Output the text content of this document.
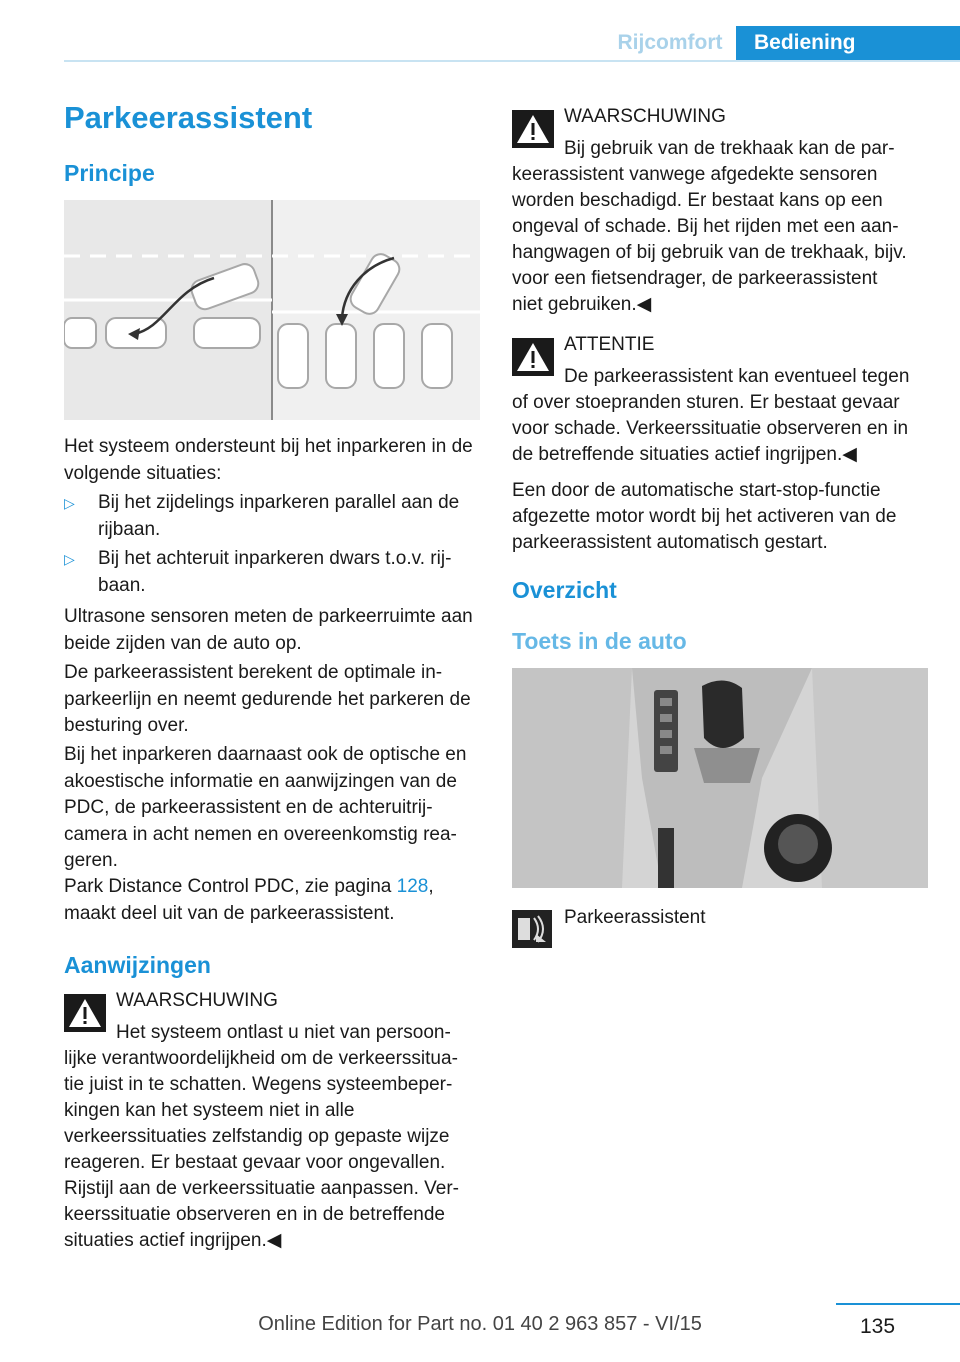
Rijcomfort	Bediening
Parkeerassistent
Principe

Het systeem ondersteunt bij het inparkeren in de volgende situaties:

▷ Bij het zijdelings inparkeren parallel aan de rijbaan.
▷ Bij het achteruit inparkeren dwars t.o.v. rij-baan.

Ultrasone sensoren meten de parkeerruimte aan beide zijden van de auto op.

De parkeerassistent berekent de optimale in-parkeerlijn en neemt gedurende het parkeren de besturing over.

Bij het inparkeren daarnaast ook de optische en akoestische informatie en aanwijzingen van de PDC, de parkeerassistent en de achteruitrij-camera in acht nemen en overeenkomstig rea-geren.

Park Distance Control PDC, zie pagina 128,
maakt deel uit van de parkeerassistent.

Aanwijzingen
WAARSCHUWING
Het systeem ontlast u niet van persoon-
lijke verantwoordelijkheid om de verkeerssitua-
tie juist in te schatten. Wegens systeembeper-
kingen kan het systeem niet in alle
verkeerssituaties zelfstandig op gepaste wijze
reageren. Er bestaat gevaar voor ongevallen.
Rijstijl aan de verkeerssituatie aanpassen. Ver-
keerssituatie observeren en in de betreffende
situaties actief ingrijpen.◀
WAARSCHUWING
Bij gebruik van de trekhaak kan de par-
keerassistent vanwege afgedekte sensoren
worden beschadigd. Er bestaat kans op een
ongeval of schade. Bij het rijden met een aan-
hangwagen of bij gebruik van de trekhaak, bijv.
voor een fietsendrager, de parkeerassistent
niet gebruiken.◀
ATTENTIE
De parkeerassistent kan eventueel tegen
of over stoepranden sturen. Er bestaat gevaar
voor schade. Verkeerssituatie observeren en in
de betreffende situaties actief ingrijpen.◀
Een door de automatische start-stop-functie
afgezette motor wordt bij het activeren van de
parkeerassistent automatisch gestart.
Overzicht
Toets in de auto
Parkeerassistent
135
Online Edition for Part no. 01 40 2 963 857 - VI/15
